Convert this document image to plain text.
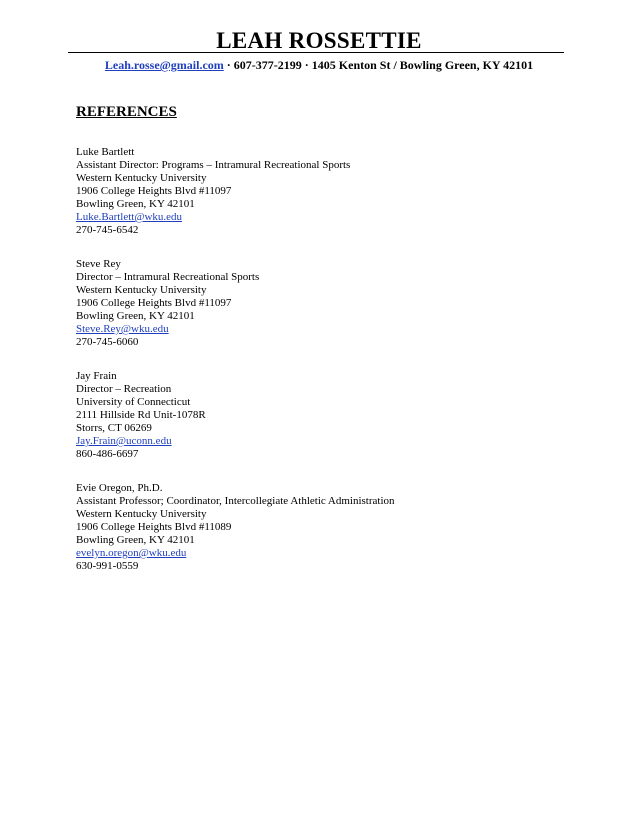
LEAH ROSSETTIE
Leah.rosse@gmail.com · 607-377-2199 · 1405 Kenton St / Bowling Green, KY 42101
REFERENCES
Luke Bartlett
Assistant Director: Programs – Intramural Recreational Sports
Western Kentucky University
1906 College Heights Blvd #11097
Bowling Green, KY 42101
Luke.Bartlett@wku.edu
270-745-6542
Steve Rey
Director – Intramural Recreational Sports
Western Kentucky University
1906 College Heights Blvd #11097
Bowling Green, KY 42101
Steve.Rey@wku.edu
270-745-6060
Jay Frain
Director – Recreation
University of Connecticut
2111 Hillside Rd Unit-1078R
Storrs, CT 06269
Jay.Frain@uconn.edu
860-486-6697
Evie Oregon, Ph.D.
Assistant Professor; Coordinator, Intercollegiate Athletic Administration
Western Kentucky University
1906 College Heights Blvd #11089
Bowling Green, KY 42101
evelyn.oregon@wku.edu
630-991-0559
